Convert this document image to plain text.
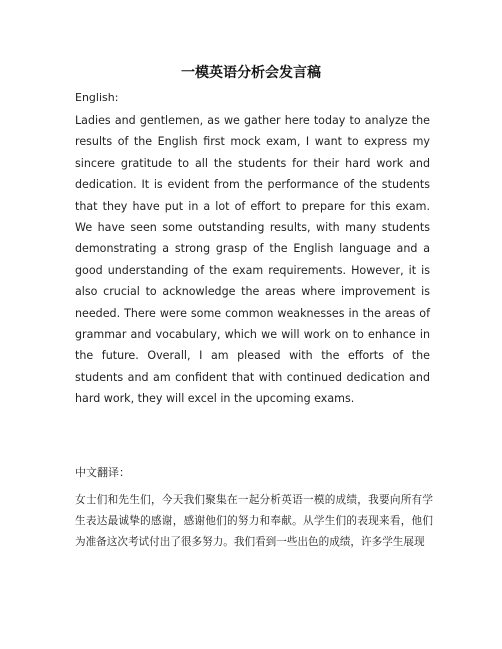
一模英语分析会发言稿

English:

Ladies and gentlemen, as we gather here today to analyze the results of the English first mock exam, I want to express my sincere gratitude to all the students for their hard work and dedication. It is evident from the performance of the students that they have put in a lot of effort to prepare for this exam. We have seen some outstanding results, with many students demonstrating a strong grasp of the English language and a good understanding of the exam requirements. However, it is also crucial to acknowledge the areas where improvement is needed. There were some common weaknesses in the areas of grammar and vocabulary, which we will work on to enhance in the future. Overall, I am pleased with the efforts of the students and am confident that with continued dedication and hard work, they will excel in the upcoming exams.

中文翻译：

女士们和先生们，今天我们聚集在一起分析英语一模的成绩，我要向所有学生表达最诚挚的感谢，感谢他们的努力和奉献。从学生们的表现来看，他们为准备这次考试付出了很多努力。我们看到一些出色的成绩，许多学生展现
